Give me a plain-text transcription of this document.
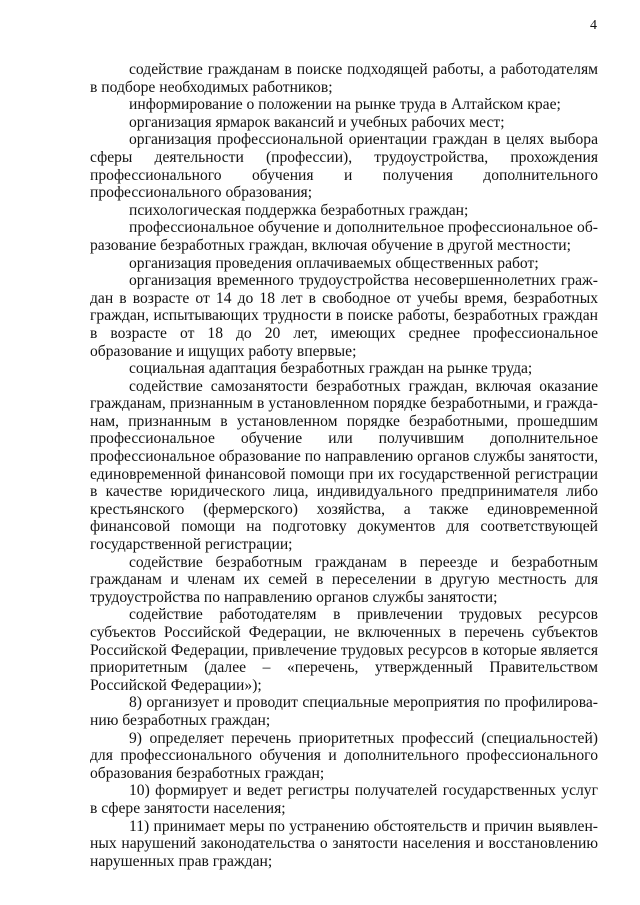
4

содействие гражданам в поиске подходящей работы, а работодателям в подборе необходимых работников;

информирование о положении на рынке труда в Алтайском крае;

организация ярмарок вакансий и учебных рабочих мест;

организация профессиональной ориентации граждан в целях выбора сферы деятельности (профессии), трудоустройства, прохождения профессионального обучения и получения дополнительного профессионального образования;

психологическая поддержка безработных граждан;

профессиональное обучение и дополнительное профессиональное образование безработных граждан, включая обучение в другой местности;

организация проведения оплачиваемых общественных работ;

организация временного трудоустройства несовершеннолетних граждан в возрасте от 14 до 18 лет в свободное от учебы время, безработных граждан, испытывающих трудности в поиске работы, безработных граждан в возрасте от 18 до 20 лет, имеющих среднее профессиональное образование и ищущих работу впервые;

социальная адаптация безработных граждан на рынке труда;

содействие самозанятости безработных граждан, включая оказание гражданам, признанным в установленном порядке безработными, и гражданам, признанным в установленном порядке безработными, прошедшим профессиональное обучение или получившим дополнительное профессиональное образование по направлению органов службы занятости, единовременной финансовой помощи при их государственной регистрации в качестве юридического лица, индивидуального предпринимателя либо крестьянского (фермерского) хозяйства, а также единовременной финансовой помощи на подготовку документов для соответствующей государственной регистрации;

содействие безработным гражданам в переезде и безработным гражданам и членам их семей в переселении в другую местность для трудоустройства по направлению органов службы занятости;

содействие работодателям в привлечении трудовых ресурсов субъектов Российской Федерации, не включенных в перечень субъектов Российской Федерации, привлечение трудовых ресурсов в которые является приоритетным (далее – «перечень, утвержденный Правительством Российской Федерации»);

8) организует и проводит специальные мероприятия по профилированию безработных граждан;

9) определяет перечень приоритетных профессий (специальностей) для профессионального обучения и дополнительного профессионального образования безработных граждан;

10) формирует и ведет регистры получателей государственных услуг в сфере занятости населения;

11) принимает меры по устранению обстоятельств и причин выявленных нарушений законодательства о занятости населения и восстановлению нарушенных прав граждан;
